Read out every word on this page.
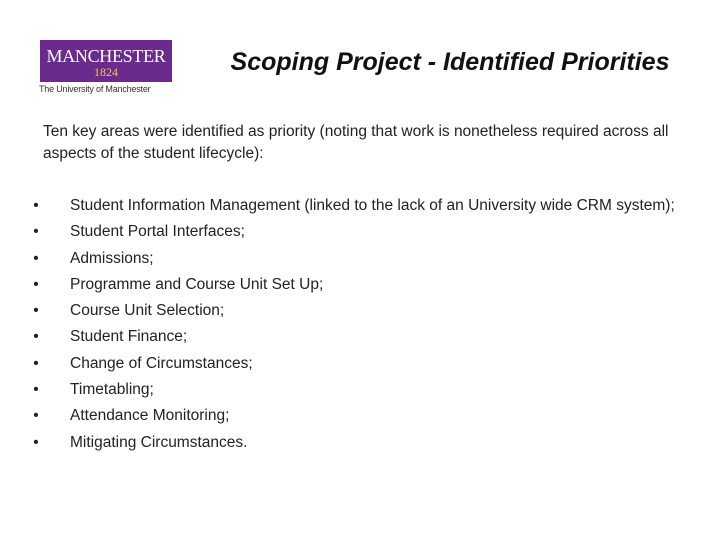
MANCHESTER
1824
The University of Manchester
Scoping Project - Identified Priorities

Ten key areas were identified as priority (noting that work is nonetheless required across all aspects of the student lifecycle):

• Student Information Management (linked to the lack of an University wide CRM system);
• Student Portal Interfaces;
• Admissions;
• Programme and Course Unit Set Up;
• Course Unit Selection;
• Student Finance;
• Change of Circumstances;
• Timetabling;
• Attendance Monitoring;
• Mitigating Circumstances.
